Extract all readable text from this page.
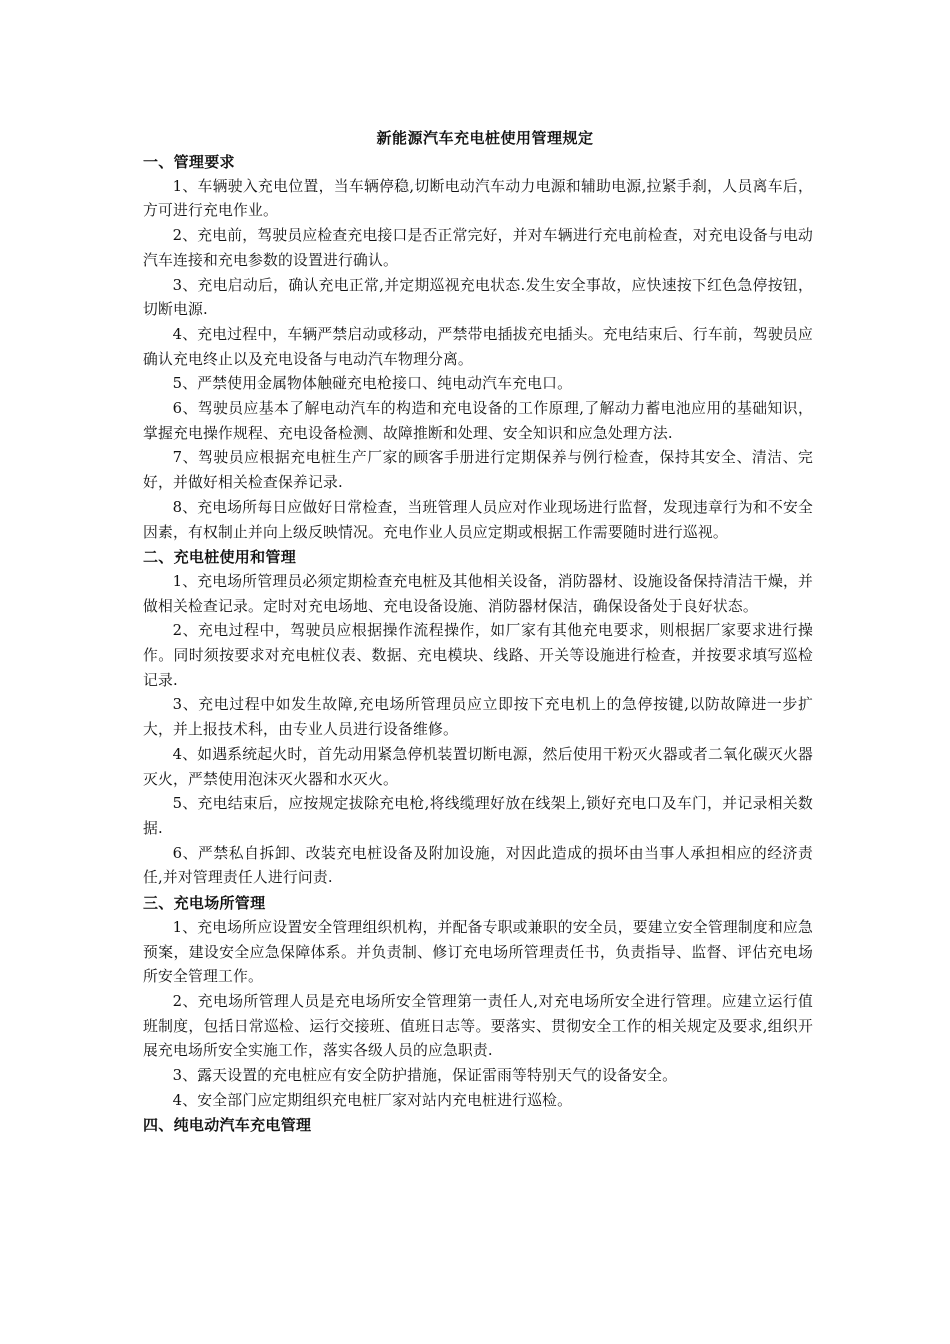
新能源汽车充电桩使用管理规定
一、管理要求

1、车辆驶入充电位置，当车辆停稳,切断电动汽车动力电源和辅助电源,拉紧手刹，人员离车后，方可进行充电作业。

2、充电前，驾驶员应检查充电接口是否正常完好，并对车辆进行充电前检查，对充电设备与电动汽车连接和充电参数的设置进行确认。

3、充电启动后，确认充电正常,并定期巡视充电状态.发生安全事故，应快速按下红色急停按钮，切断电源.

4、充电过程中，车辆严禁启动或移动，严禁带电插拔充电插头。充电结束后、行车前，驾驶员应确认充电终止以及充电设备与电动汽车物理分离。

5、严禁使用金属物体触碰充电枪接口、纯电动汽车充电口。

6、驾驶员应基本了解电动汽车的构造和充电设备的工作原理,了解动力蓄电池应用的基础知识，掌握充电操作规程、充电设备检测、故障推断和处理、安全知识和应急处理方法.

7、驾驶员应根据充电桩生产厂家的顾客手册进行定期保养与例行检查，保持其安全、清洁、完好，并做好相关检查保养记录.

8、充电场所每日应做好日常检查，当班管理人员应对作业现场进行监督，发现违章行为和不安全因素，有权制止并向上级反映情况。充电作业人员应定期或根据工作需要随时进行巡视。

二、充电桩使用和管理

1、充电场所管理员必须定期检查充电桩及其他相关设备，消防器材、设施设备保持清洁干燥，并做相关检查记录。定时对充电场地、充电设备设施、消防器材保洁，确保设备处于良好状态。

2、充电过程中，驾驶员应根据操作流程操作，如厂家有其他充电要求，则根据厂家要求进行操作。同时须按要求对充电桩仪表、数据、充电模块、线路、开关等设施进行检查，并按要求填写巡检记录.

3、充电过程中如发生故障,充电场所管理员应立即按下充电机上的急停按键,以防故障进一步扩大，并上报技术科，由专业人员进行设备维修。

4、如遇系统起火时，首先动用紧急停机装置切断电源，然后使用干粉灭火器或者二氧化碳灭火器灭火，严禁使用泡沫灭火器和水灭火。

5、充电结束后，应按规定拔除充电枪,将线缆理好放在线架上,锁好充电口及车门，并记录相关数据.

6、严禁私自拆卸、改装充电桩设备及附加设施，对因此造成的损坏由当事人承担相应的经济责任,并对管理责任人进行问责.

三、充电场所管理

1、充电场所应设置安全管理组织机构，并配备专职或兼职的安全员，要建立安全管理制度和应急预案，建设安全应急保障体系。并负责制、修订充电场所管理责任书，负责指导、监督、评估充电场所安全管理工作。

2、充电场所管理人员是充电场所安全管理第一责任人,对充电场所安全进行管理。应建立运行值班制度，包括日常巡检、运行交接班、值班日志等。要落实、贯彻安全工作的相关规定及要求,组织开展充电场所安全实施工作，落实各级人员的应急职责.

3、露天设置的充电桩应有安全防护措施，保证雷雨等特别天气的设备安全。

4、安全部门应定期组织充电桩厂家对站内充电桩进行巡检。

四、纯电动汽车充电管理
